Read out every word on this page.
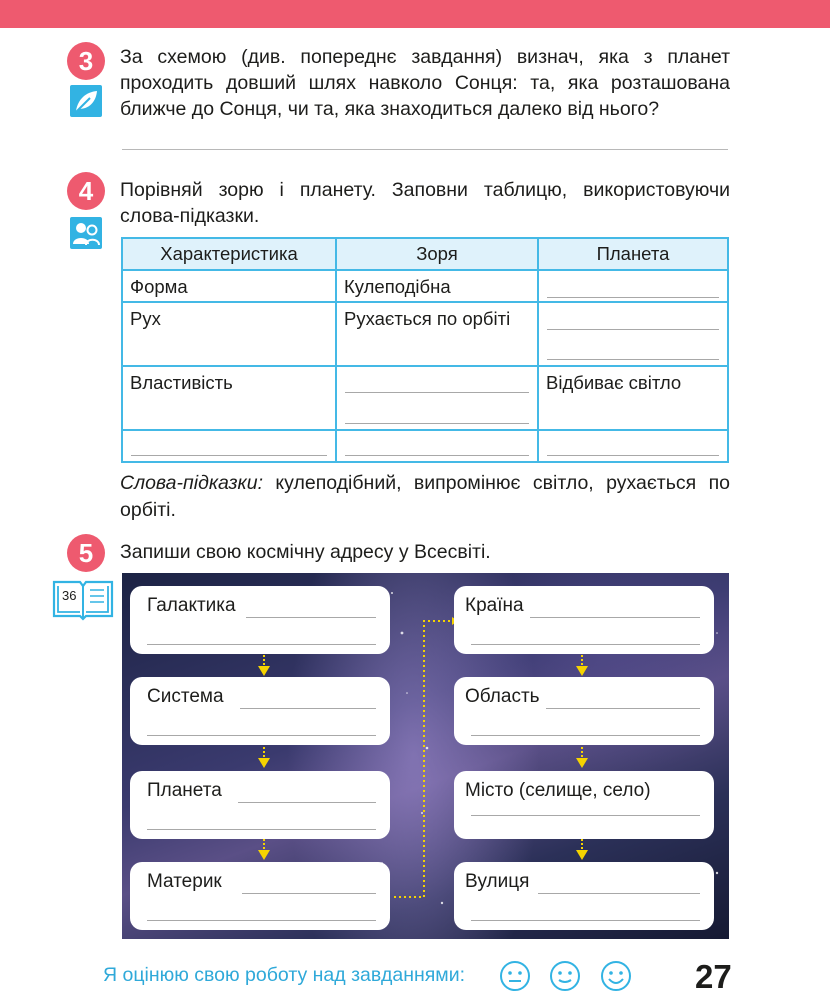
3	За схемою (див. попереднє завдання) визнач, яка з планет проходить довший шлях навколо Сонця: та, яка розташована ближче до Сонця, чи та, яка знаходиться далеко від нього?
4	Порівняй зорю і планету. Заповни таблицю, використовуючи слова-підказки.
Характеристика	Зоря	Планета
Форма	Кулеподібна	

Рух	Рухається по орбіті	

Властивість		Відбиває світло

Слова-підказки: кулеподібний, випромінює світло, рухається по орбіті.
5	Запиши свою космічну адресу у Всесвіті.
36	Галактика
Система
Планета
Материк
Країна
Область
Місто (селище, село)
Вулиця
Я оцінюю свою роботу над завданнями:	27
